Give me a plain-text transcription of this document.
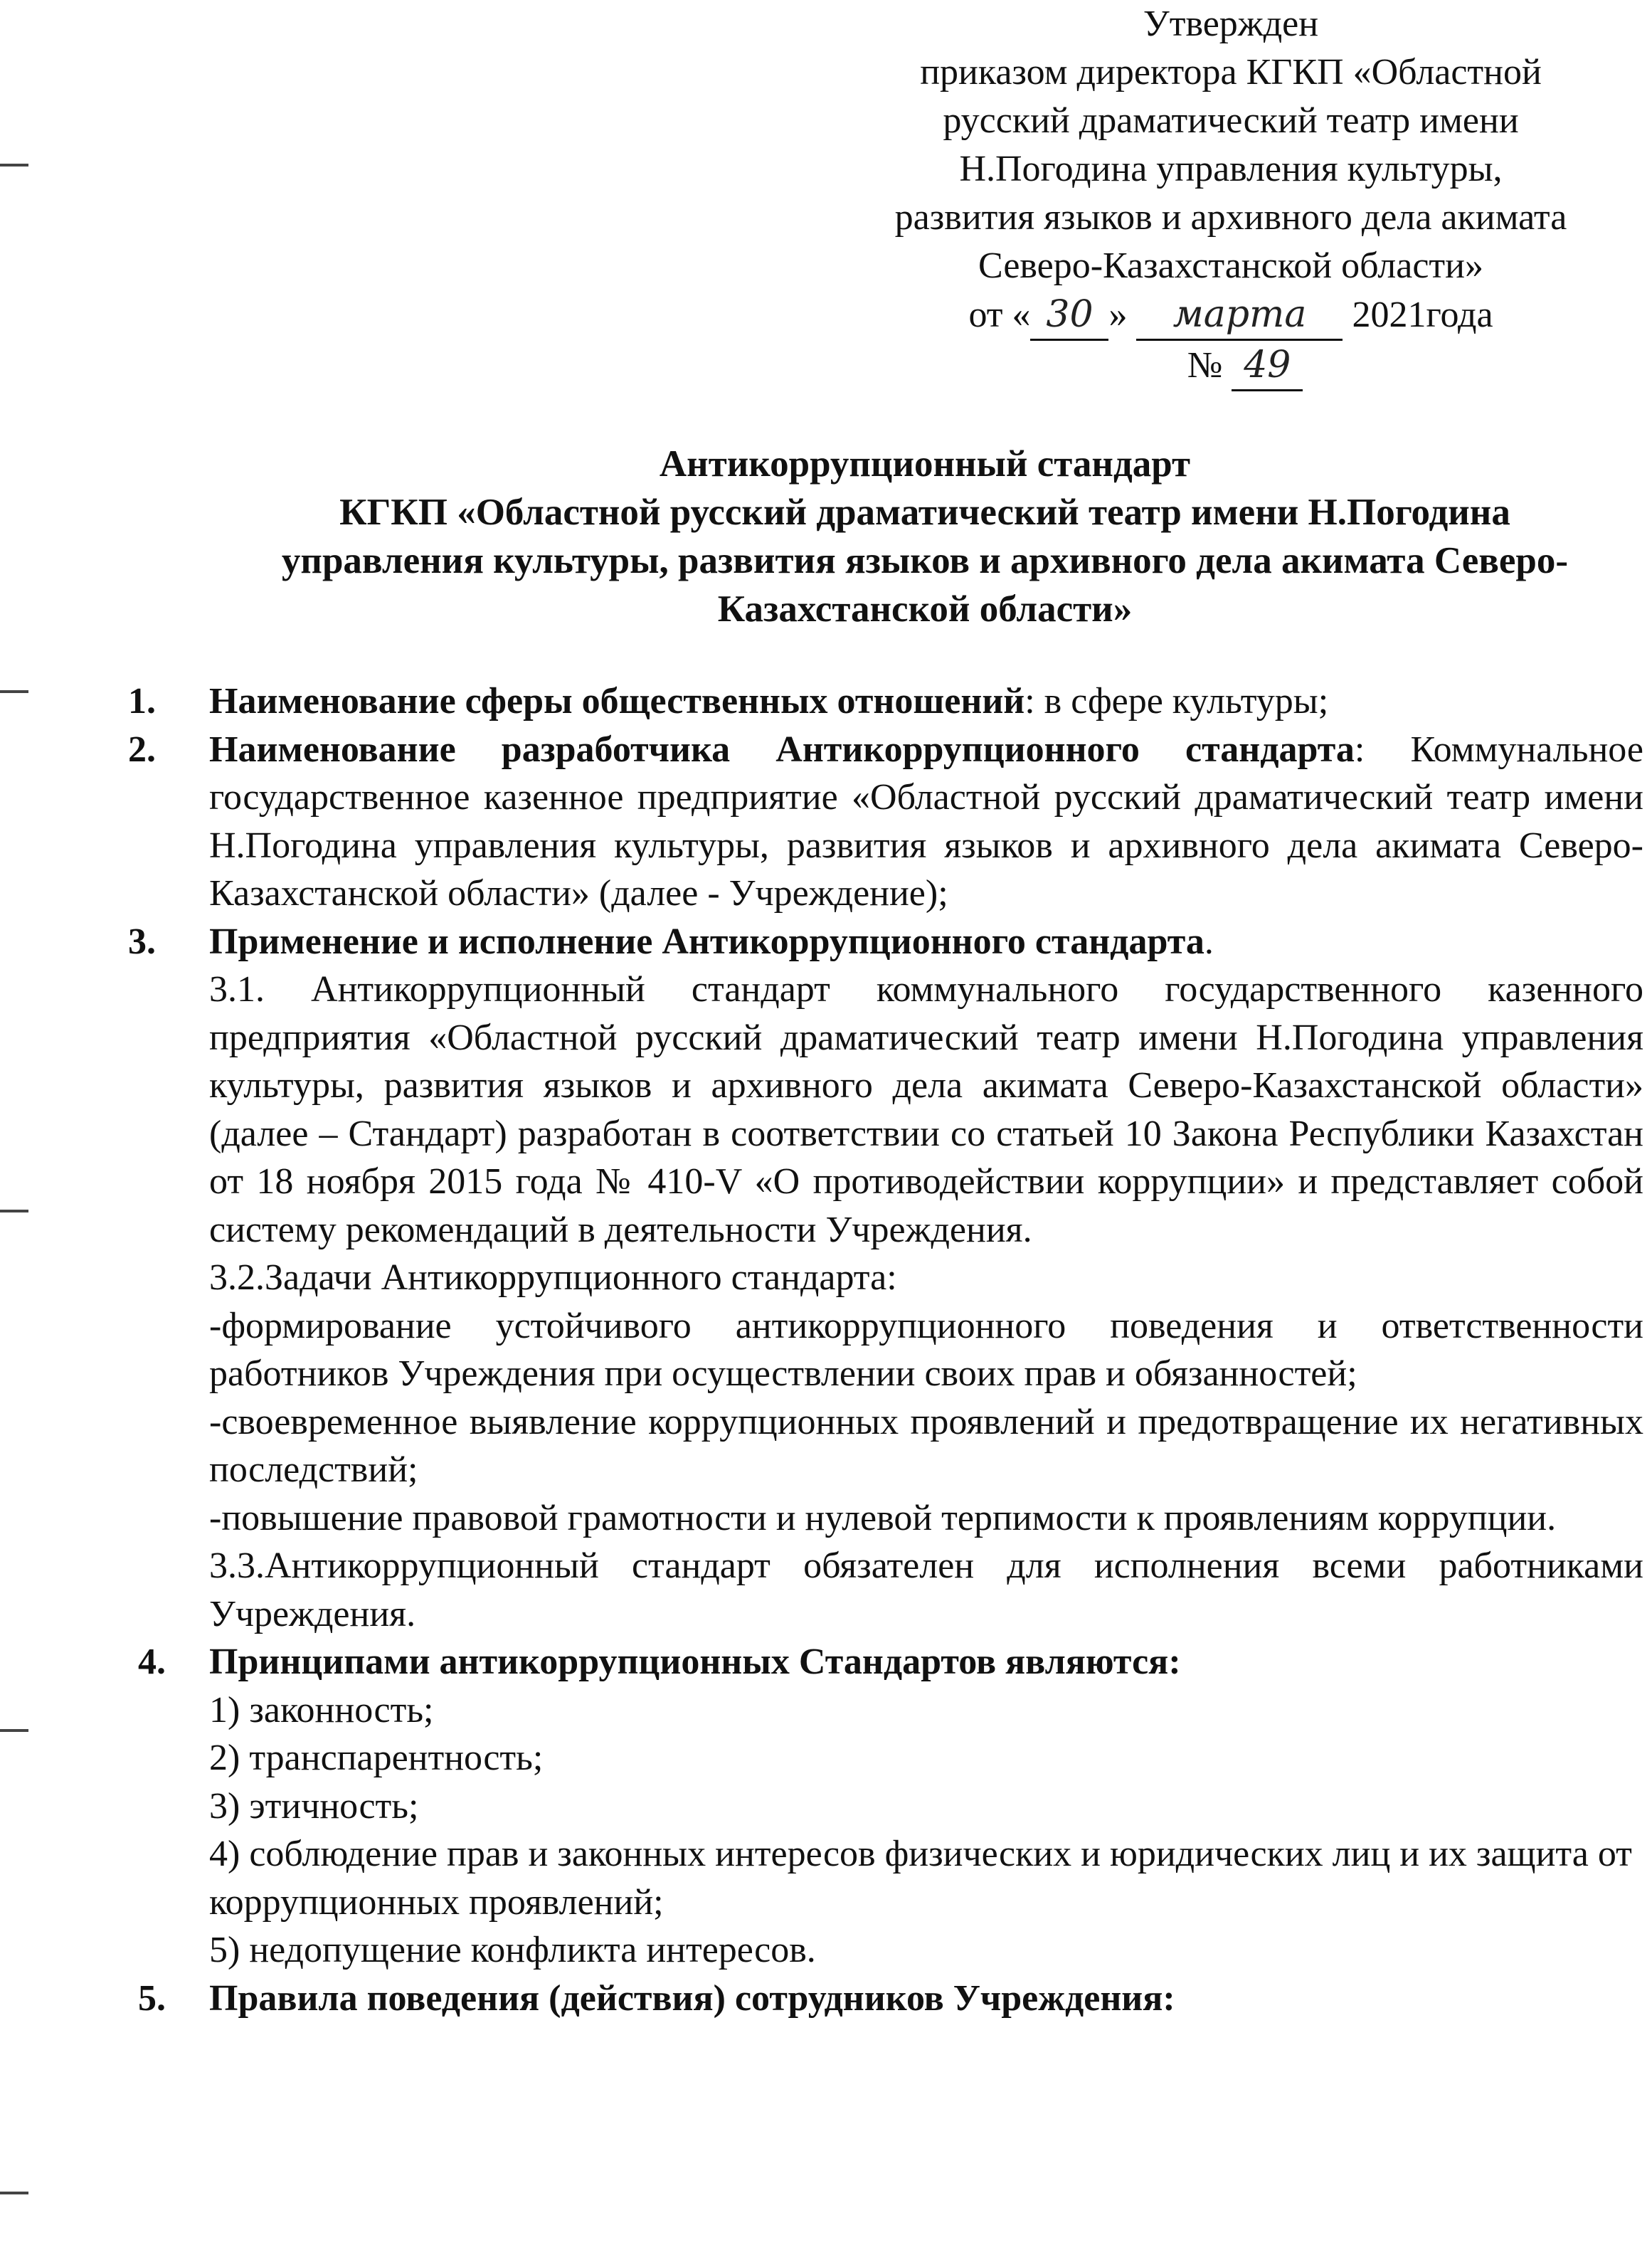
Утвержден
приказом директора КГКП «Областной
русский драматический театр имени
Н.Погодина управления культуры,
развития языков и архивного дела акимата
Северо-Казахстанской области»
от « 30 » марта 2021года
№ 49
Антикоррупционный стандарт
КГКП «Областной русский драматический театр имени Н.Погодина
управления культуры, развития языков и архивного дела акимата Северо-
Казахстанской области»
1. Наименование сферы общественных отношений: в сфере культуры;
2. Наименование разработчика Антикоррупционного стандарта: Коммунальное государственное казенное предприятие «Областной русский драматический театр имени Н.Погодина управления культуры, развития языков и архивного дела акимата Северо-Казахстанской области» (далее - Учреждение);
3. Применение и исполнение Антикоррупционного стандарта.
3.1. Антикоррупционный стандарт коммунального государственного казенного предприятия «Областной русский драматический театр имени Н.Погодина управления культуры, развития языков и архивного дела акимата Северо-Казахстанской области» (далее – Стандарт) разработан в соответствии со статьей 10 Закона Республики Казахстан от 18 ноября 2015 года № 410-V «О противодействии коррупции» и представляет собой систему рекомендаций в деятельности Учреждения.
3.2.Задачи Антикоррупционного стандарта:
-формирование устойчивого антикоррупционного поведения и ответственности работников Учреждения при осуществлении своих прав и обязанностей;
-своевременное выявление коррупционных проявлений и предотвращение их негативных последствий;
-повышение правовой грамотности и нулевой терпимости к проявлениям коррупции.
3.3.Антикоррупционный стандарт обязателен для исполнения всеми работниками Учреждения.
4. Принципами антикоррупционных Стандартов являются:
1) законность;
2) транспарентность;
3) этичность;
4) соблюдение прав и законных интересов физических и юридических лиц и их защита от коррупционных проявлений;
5) недопущение конфликта интересов.
5. Правила поведения (действия) сотрудников Учреждения:
